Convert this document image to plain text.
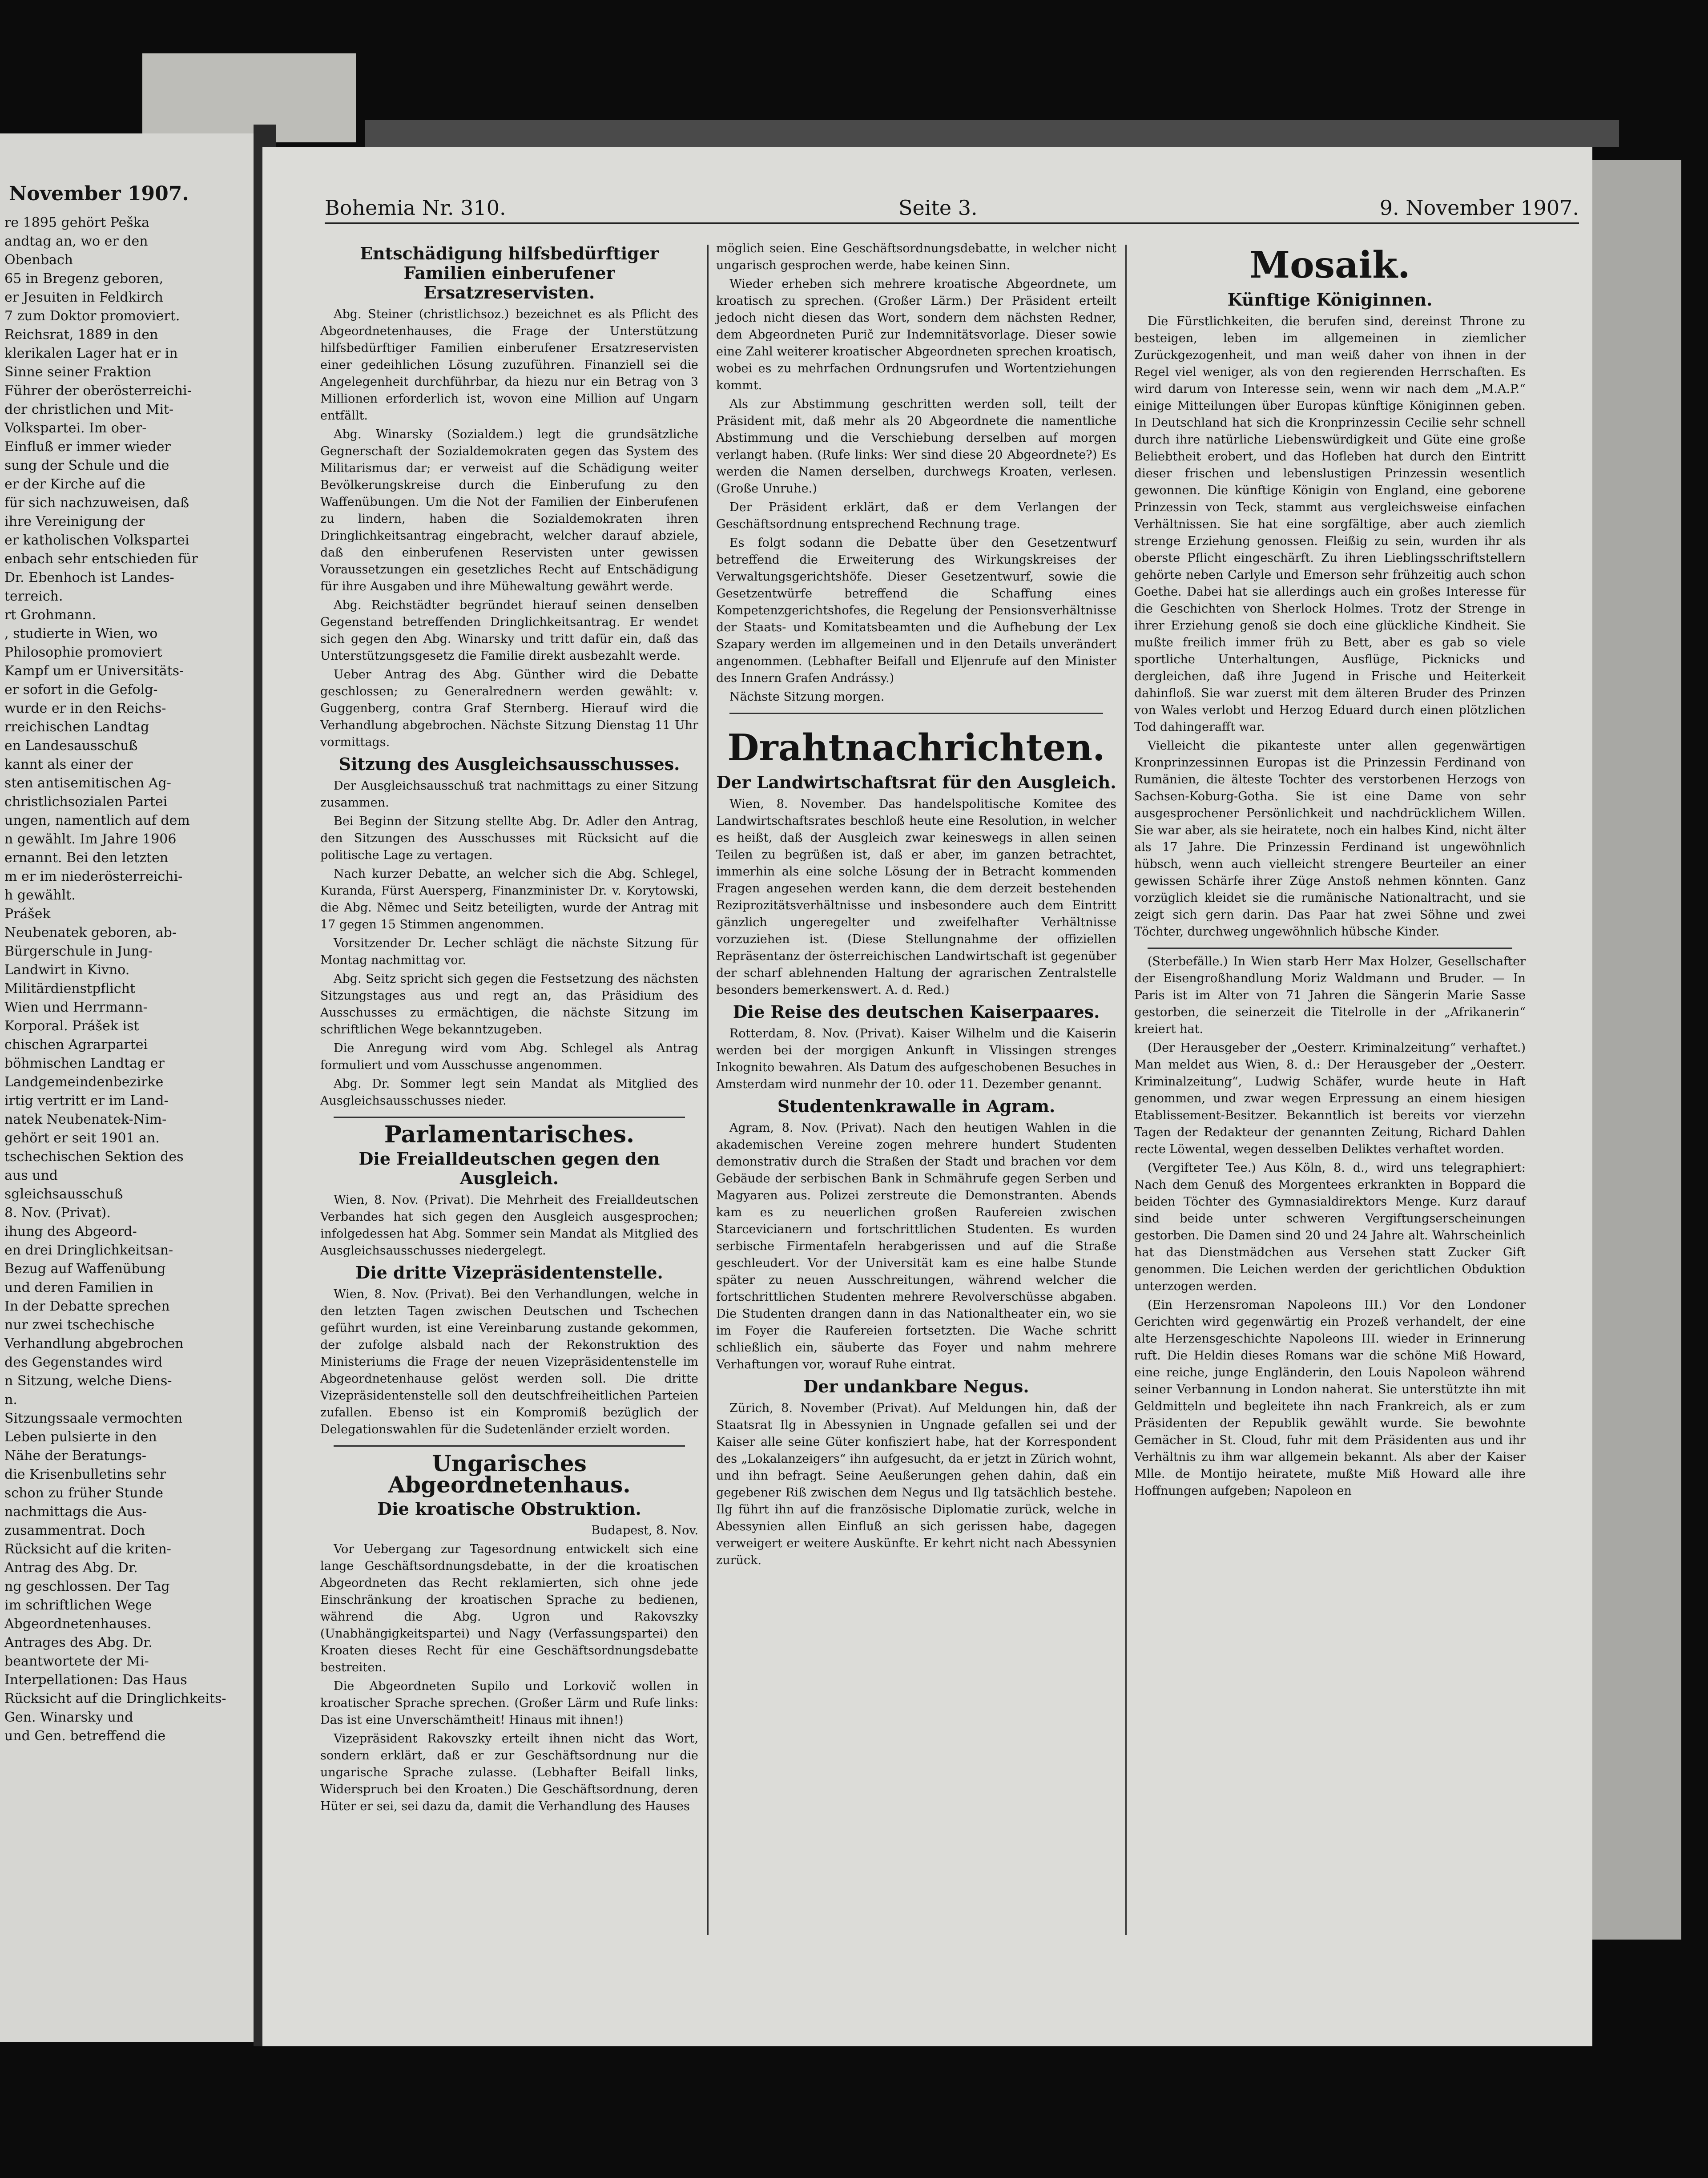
November 1907.

re 1895 gehört Peška

andtag an, wo er den

Obenbach

65 in Bregenz geboren,

er Jesuiten in Feldkirch

7 zum Doktor promoviert.

Reichsrat, 1889 in den

klerikalen Lager hat er in

Sinne seiner Fraktion

Führer der oberösterreichi-

der christlichen und Mit-

Volkspartei. Im ober-

Einfluß er immer wieder

sung der Schule und die

er der Kirche auf die

für sich nachzuweisen, daß

ihre Vereinigung der

er katholischen Volkspartei

enbach sehr entschieden für

Dr. Ebenhoch ist Landes-

terreich.

rt Grohmann.

, studierte in Wien, wo

Philosophie promoviert

Kampf um er Universitäts-

er sofort in die Gefolg-

wurde er in den Reichs-

rreichischen Landtag

en Landesausschuß

kannt als einer der

sten antisemitischen Ag-

christlichsozialen Partei

ungen, namentlich auf dem

n gewählt. Im Jahre 1906

ernannt. Bei den letzten

m er im niederösterreichi-

h gewählt.

Prášek

Neubenatek geboren, ab-

Bürgerschule in Jung-

Landwirt in Kivno.

Militärdienstpflicht

Wien und Herrmann-

Korporal. Prášek ist

chischen Agrarpartei

böhmischen Landtag er

Landgemeindenbezirke

irtig vertritt er im Land-

natek Neubenatek-Nim-

gehört er seit 1901 an.

tschechischen Sektion des

aus und

sgleichsausschuß

8. Nov. (Privat).

ihung des Abgeord-

en drei Dringlichkeitsan-

Bezug auf Waffenübung

und deren Familien in

In der Debatte sprechen

nur zwei tschechische

Verhandlung abgebrochen

des Gegenstandes wird

n Sitzung, welche Diens-

n.

Sitzungssaale vermochten

Leben pulsierte in den

Nähe der Beratungs-

die Krisenbulletins sehr

schon zu früher Stunde

nachmittags die Aus-

zusammentrat. Doch

Rücksicht auf die kriten-

Antrag des Abg. Dr.

ng geschlossen. Der Tag

im schriftlichen Wege

Abgeordnetenhauses.

Antrages des Abg. Dr.

beantwortete der Mi-

Interpellationen: Das Haus

Rücksicht auf die Dringlichkeits-

Gen. Winarsky und

und Gen. betreffend die

Bohemia Nr. 310.	Seite 3.	9. November 1907.
Entschädigung hilfsbedürftiger Familien einberufener Ersatzreservisten.

Abg. Steiner (christlichsoz.) bezeichnet es als Pflicht des Abgeordnetenhauses, die Frage der Unterstützung hilfsbedürftiger Familien einberufener Ersatzreservisten einer gedeihlichen Lösung zuzuführen. Finanziell sei die Angelegenheit durchführbar, da hiezu nur ein Betrag von 3 Millionen erforderlich ist, wovon eine Million auf Ungarn entfällt.

Abg. Winarsky (Sozialdem.) legt die grundsätzliche Gegnerschaft der Sozialdemokraten gegen das System des Militarismus dar; er verweist auf die Schädigung weiter Bevölkerungskreise durch die Einberufung zu den Waffenübungen. Um die Not der Familien der Einberufenen zu lindern, haben die Sozialdemokraten ihren Dringlichkeitsantrag eingebracht, welcher darauf abziele, daß den einberufenen Reservisten unter gewissen Voraussetzungen ein gesetzliches Recht auf Entschädigung für ihre Ausgaben und ihre Mühewaltung gewährt werde.

Abg. Reichstädter begründet hierauf seinen denselben Gegenstand betreffenden Dringlichkeitsantrag. Er wendet sich gegen den Abg. Winarsky und tritt dafür ein, daß das Unterstützungsgesetz die Familie direkt ausbezahlt werde.

Ueber Antrag des Abg. Günther wird die Debatte geschlossen; zu Generalrednern werden gewählt: v. Guggenberg, contra Graf Sternberg. Hierauf wird die Verhandlung abgebrochen. Nächste Sitzung Dienstag 11 Uhr vormittags.

Sitzung des Ausgleichsausschusses.

Der Ausgleichsausschuß trat nachmittags zu einer Sitzung zusammen.

Bei Beginn der Sitzung stellte Abg. Dr. Adler den Antrag, den Sitzungen des Ausschusses mit Rücksicht auf die politische Lage zu vertagen.

Nach kurzer Debatte, an welcher sich die Abg. Schlegel, Kuranda, Fürst Auersperg, Finanzminister Dr. v. Korytowski, die Abg. Němec und Seitz beteiligten, wurde der Antrag mit 17 gegen 15 Stimmen angenommen.

Vorsitzender Dr. Lecher schlägt die nächste Sitzung für Montag nachmittag vor.

Abg. Seitz spricht sich gegen die Festsetzung des nächsten Sitzungstages aus und regt an, das Präsidium des Ausschusses zu ermächtigen, die nächste Sitzung im schriftlichen Wege bekanntzugeben.

Die Anregung wird vom Abg. Schlegel als Antrag formuliert und vom Ausschusse angenommen.

Abg. Dr. Sommer legt sein Mandat als Mitglied des Ausgleichsausschusses nieder.

Parlamentarisches.
Die Freialldeutschen gegen den Ausgleich.

Wien, 8. Nov. (Privat). Die Mehrheit des Freialldeutschen Verbandes hat sich gegen den Ausgleich ausgesprochen; infolgedessen hat Abg. Sommer sein Mandat als Mitglied des Ausgleichsausschusses niedergelegt.

Die dritte Vizepräsidentenstelle.

Wien, 8. Nov. (Privat). Bei den Verhandlungen, welche in den letzten Tagen zwischen Deutschen und Tschechen geführt wurden, ist eine Vereinbarung zustande gekommen, der zufolge alsbald nach der Rekonstruktion des Ministeriums die Frage der neuen Vizepräsidentenstelle im Abgeordnetenhause gelöst werden soll. Die dritte Vizepräsidentenstelle soll den deutschfreiheitlichen Parteien zufallen. Ebenso ist ein Kompromiß bezüglich der Delegationswahlen für die Sudetenländer erzielt worden.

Ungarisches Abgeordnetenhaus.
Die kroatische Obstruktion.

Budapest, 8. Nov.

Vor Uebergang zur Tagesordnung entwickelt sich eine lange Geschäftsordnungsdebatte, in der die kroatischen Abgeordneten das Recht reklamierten, sich ohne jede Einschränkung der kroatischen Sprache zu bedienen, während die Abg. Ugron und Rakovszky (Unabhängigkeitspartei) und Nagy (Verfassungspartei) den Kroaten dieses Recht für eine Geschäftsordnungsdebatte bestreiten.

Die Abgeordneten Supilo und Lorkovič wollen in kroatischer Sprache sprechen. (Großer Lärm und Rufe links: Das ist eine Unverschämtheit! Hinaus mit ihnen!)

Vizepräsident Rakovszky erteilt ihnen nicht das Wort, sondern erklärt, daß er zur Geschäftsordnung nur die ungarische Sprache zulasse. (Lebhafter Beifall links, Widerspruch bei den Kroaten.) Die Geschäftsordnung, deren Hüter er sei, sei dazu da, damit die Verhandlung des Hauses

möglich seien. Eine Geschäftsordnungsdebatte, in welcher nicht ungarisch gesprochen werde, habe keinen Sinn.

Wieder erheben sich mehrere kroatische Abgeordnete, um kroatisch zu sprechen. (Großer Lärm.) Der Präsident erteilt jedoch nicht diesen das Wort, sondern dem nächsten Redner, dem Abgeordneten Purič zur Indemnitätsvorlage. Dieser sowie eine Zahl weiterer kroatischer Abgeordneten sprechen kroatisch, wobei es zu mehrfachen Ordnungsrufen und Wortentziehungen kommt.

Als zur Abstimmung geschritten werden soll, teilt der Präsident mit, daß mehr als 20 Abgeordnete die namentliche Abstimmung und die Verschiebung derselben auf morgen verlangt haben. (Rufe links: Wer sind diese 20 Abgeordnete?) Es werden die Namen derselben, durchwegs Kroaten, verlesen. (Große Unruhe.)

Der Präsident erklärt, daß er dem Verlangen der Geschäftsordnung entsprechend Rechnung trage.

Es folgt sodann die Debatte über den Gesetzentwurf betreffend die Erweiterung des Wirkungskreises der Verwaltungsgerichtshöfe. Dieser Gesetzentwurf, sowie die Gesetzentwürfe betreffend die Schaffung eines Kompetenzgerichtshofes, die Regelung der Pensionsverhältnisse der Staats- und Komitatsbeamten und die Aufhebung der Lex Szapary werden im allgemeinen und in den Details unverändert angenommen. (Lebhafter Beifall und Eljenrufe auf den Minister des Innern Grafen Andrássy.)

Nächste Sitzung morgen.

Drahtnachrichten.
Der Landwirtschaftsrat für den Ausgleich.

Wien, 8. November. Das handelspolitische Komitee des Landwirtschaftsrates beschloß heute eine Resolution, in welcher es heißt, daß der Ausgleich zwar keineswegs in allen seinen Teilen zu begrüßen ist, daß er aber, im ganzen betrachtet, immerhin als eine solche Lösung der in Betracht kommenden Fragen angesehen werden kann, die dem derzeit bestehenden Reziprozitätsverhältnisse und insbesondere auch dem Eintritt gänzlich ungeregelter und zweifelhafter Verhältnisse vorzuziehen ist. (Diese Stellungnahme der offiziellen Repräsentanz der österreichischen Landwirtschaft ist gegenüber der scharf ablehnenden Haltung der agrarischen Zentralstelle besonders bemerkenswert. A. d. Red.)

Die Reise des deutschen Kaiserpaares.

Rotterdam, 8. Nov. (Privat). Kaiser Wilhelm und die Kaiserin werden bei der morgigen Ankunft in Vlissingen strenges Inkognito bewahren. Als Datum des aufgeschobenen Besuches in Amsterdam wird nunmehr der 10. oder 11. Dezember genannt.

Studentenkrawalle in Agram.

Agram, 8. Nov. (Privat). Nach den heutigen Wahlen in die akademischen Vereine zogen mehrere hundert Studenten demonstrativ durch die Straßen der Stadt und brachen vor dem Gebäude der serbischen Bank in Schmährufe gegen Serben und Magyaren aus. Polizei zerstreute die Demonstranten. Abends kam es zu neuerlichen großen Raufereien zwischen Starcevicianern und fortschrittlichen Studenten. Es wurden serbische Firmentafeln herabgerissen und auf die Straße geschleudert. Vor der Universität kam es eine halbe Stunde später zu neuen Ausschreitungen, während welcher die fortschrittlichen Studenten mehrere Revolverschüsse abgaben. Die Studenten drangen dann in das Nationaltheater ein, wo sie im Foyer die Raufereien fortsetzten. Die Wache schritt schließlich ein, säuberte das Foyer und nahm mehrere Verhaftungen vor, worauf Ruhe eintrat.

Der undankbare Negus.

Zürich, 8. November (Privat). Auf Meldungen hin, daß der Staatsrat Ilg in Abessynien in Ungnade gefallen sei und der Kaiser alle seine Güter konfisziert habe, hat der Korrespondent des „Lokalanzeigers“ ihn aufgesucht, da er jetzt in Zürich wohnt, und ihn befragt. Seine Aeußerungen gehen dahin, daß ein gegebener Riß zwischen dem Negus und Ilg tatsächlich bestehe. Ilg führt ihn auf die französische Diplomatie zurück, welche in Abessynien allen Einfluß an sich gerissen habe, dagegen verweigert er weitere Auskünfte. Er kehrt nicht nach Abessynien zurück.

Mosaik.
Künftige Königinnen.

Die Fürstlichkeiten, die berufen sind, dereinst Throne zu besteigen, leben im allgemeinen in ziemlicher Zurückgezogenheit, und man weiß daher von ihnen in der Regel viel weniger, als von den regierenden Herrschaften. Es wird darum von Interesse sein, wenn wir nach dem „M.A.P.“ einige Mitteilungen über Europas künftige Königinnen geben. In Deutschland hat sich die Kronprinzessin Cecilie sehr schnell durch ihre natürliche Liebenswürdigkeit und Güte eine große Beliebtheit erobert, und das Hofleben hat durch den Eintritt dieser frischen und lebenslustigen Prinzessin wesentlich gewonnen. Die künftige Königin von England, eine geborene Prinzessin von Teck, stammt aus vergleichsweise einfachen Verhältnissen. Sie hat eine sorgfältige, aber auch ziemlich strenge Erziehung genossen. Fleißig zu sein, wurden ihr als oberste Pflicht eingeschärft. Zu ihren Lieblingsschriftstellern gehörte neben Carlyle und Emerson sehr frühzeitig auch schon Goethe. Dabei hat sie allerdings auch ein großes Interesse für die Geschichten von Sherlock Holmes. Trotz der Strenge in ihrer Erziehung genoß sie doch eine glückliche Kindheit. Sie mußte freilich immer früh zu Bett, aber es gab so viele sportliche Unterhaltungen, Ausflüge, Picknicks und dergleichen, daß ihre Jugend in Frische und Heiterkeit dahinfloß. Sie war zuerst mit dem älteren Bruder des Prinzen von Wales verlobt und Herzog Eduard durch einen plötzlichen Tod dahingerafft war.

Vielleicht die pikanteste unter allen gegenwärtigen Kronprinzessinnen Europas ist die Prinzessin Ferdinand von Rumänien, die älteste Tochter des verstorbenen Herzogs von Sachsen-Koburg-Gotha. Sie ist eine Dame von sehr ausgesprochener Persönlichkeit und nachdrücklichem Willen. Sie war aber, als sie heiratete, noch ein halbes Kind, nicht älter als 17 Jahre. Die Prinzessin Ferdinand ist ungewöhnlich hübsch, wenn auch vielleicht strengere Beurteiler an einer gewissen Schärfe ihrer Züge Anstoß nehmen könnten. Ganz vorzüglich kleidet sie die rumänische Nationaltracht, und sie zeigt sich gern darin. Das Paar hat zwei Söhne und zwei Töchter, durchweg ungewöhnlich hübsche Kinder.

(Sterbefälle.) In Wien starb Herr Max Holzer, Gesellschafter der Eisengroßhandlung Moriz Waldmann und Bruder. — In Paris ist im Alter von 71 Jahren die Sängerin Marie Sasse gestorben, die seinerzeit die Titelrolle in der „Afrikanerin“ kreiert hat.

(Der Herausgeber der „Oesterr. Kriminalzeitung“ verhaftet.) Man meldet aus Wien, 8. d.: Der Herausgeber der „Oesterr. Kriminalzeitung“, Ludwig Schäfer, wurde heute in Haft genommen, und zwar wegen Erpressung an einem hiesigen Etablissement-Besitzer. Bekanntlich ist bereits vor vierzehn Tagen der Redakteur der genannten Zeitung, Richard Dahlen recte Löwental, wegen desselben Deliktes verhaftet worden.

(Vergifteter Tee.) Aus Köln, 8. d., wird uns telegraphiert: Nach dem Genuß des Morgentees erkrankten in Boppard die beiden Töchter des Gymnasialdirektors Menge. Kurz darauf sind beide unter schweren Vergiftungserscheinungen gestorben. Die Damen sind 20 und 24 Jahre alt. Wahrscheinlich hat das Dienstmädchen aus Versehen statt Zucker Gift genommen. Die Leichen werden der gerichtlichen Obduktion unterzogen werden.

(Ein Herzensroman Napoleons III.) Vor den Londoner Gerichten wird gegenwärtig ein Prozeß verhandelt, der eine alte Herzensgeschichte Napoleons III. wieder in Erinnerung ruft. Die Heldin dieses Romans war die schöne Miß Howard, eine reiche, junge Engländerin, den Louis Napoleon während seiner Verbannung in London naherat. Sie unterstützte ihn mit Geldmitteln und begleitete ihn nach Frankreich, als er zum Präsidenten der Republik gewählt wurde. Sie bewohnte Gemächer in St. Cloud, fuhr mit dem Präsidenten aus und ihr Verhältnis zu ihm war allgemein bekannt. Als aber der Kaiser Mlle. de Montijo heiratete, mußte Miß Howard alle ihre Hoffnungen aufgeben; Napoleon en
